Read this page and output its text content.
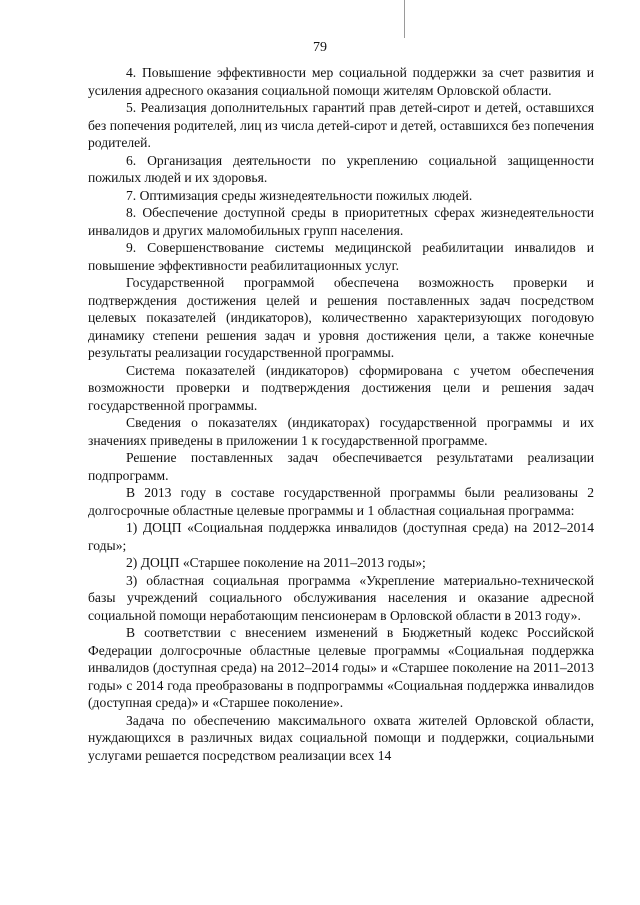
79

4. Повышение эффективности мер социальной поддержки за счет развития и усиления адресного оказания социальной помощи жителям Орловской области.

5. Реализация дополнительных гарантий прав детей-сирот и детей, оставшихся без попечения родителей, лиц из числа детей-сирот и детей, оставшихся без попечения родителей.

6. Организация деятельности по укреплению социальной защищенности пожилых людей и их здоровья.

7. Оптимизация среды жизнедеятельности пожилых людей.

8. Обеспечение доступной среды в приоритетных сферах жизнедеятельности инвалидов и других маломобильных групп населения.

9. Совершенствование системы медицинской реабилитации инвалидов и повышение эффективности реабилитационных услуг.

Государственной программой обеспечена возможность проверки и подтверждения достижения целей и решения поставленных задач посредством целевых показателей (индикаторов), количественно характеризующих погодовую динамику степени решения задач и уровня достижения цели, а также конечные результаты реализации государственной программы.

Система показателей (индикаторов) сформирована с учетом обеспечения возможности проверки и подтверждения достижения цели и решения задач государственной программы.

Сведения о показателях (индикаторах) государственной программы и их значениях приведены в приложении 1 к государственной программе.

Решение поставленных задач обеспечивается результатами реализации подпрограмм.

В 2013 году в составе государственной программы были реализованы 2 долгосрочные областные целевые программы и 1 областная социальная программа:

1) ДОЦП «Социальная поддержка инвалидов (доступная среда) на 2012–2014 годы»;

2) ДОЦП «Старшее поколение на 2011–2013 годы»;

3) областная социальная программа «Укрепление материально-технической базы учреждений социального обслуживания населения и оказание адресной социальной помощи неработающим пенсионерам в Орловской области в 2013 году».

В соответствии с внесением изменений в Бюджетный кодекс Российской Федерации долгосрочные областные целевые программы «Социальная поддержка инвалидов (доступная среда) на 2012–2014 годы» и «Старшее поколение на 2011–2013 годы» с 2014 года преобразованы в подпрограммы «Социальная поддержка инвалидов (доступная среда)» и «Старшее поколение».

Задача по обеспечению максимального охвата жителей Орловской области, нуждающихся в различных видах социальной помощи и поддержки, социальными услугами решается посредством реализации всех 14
